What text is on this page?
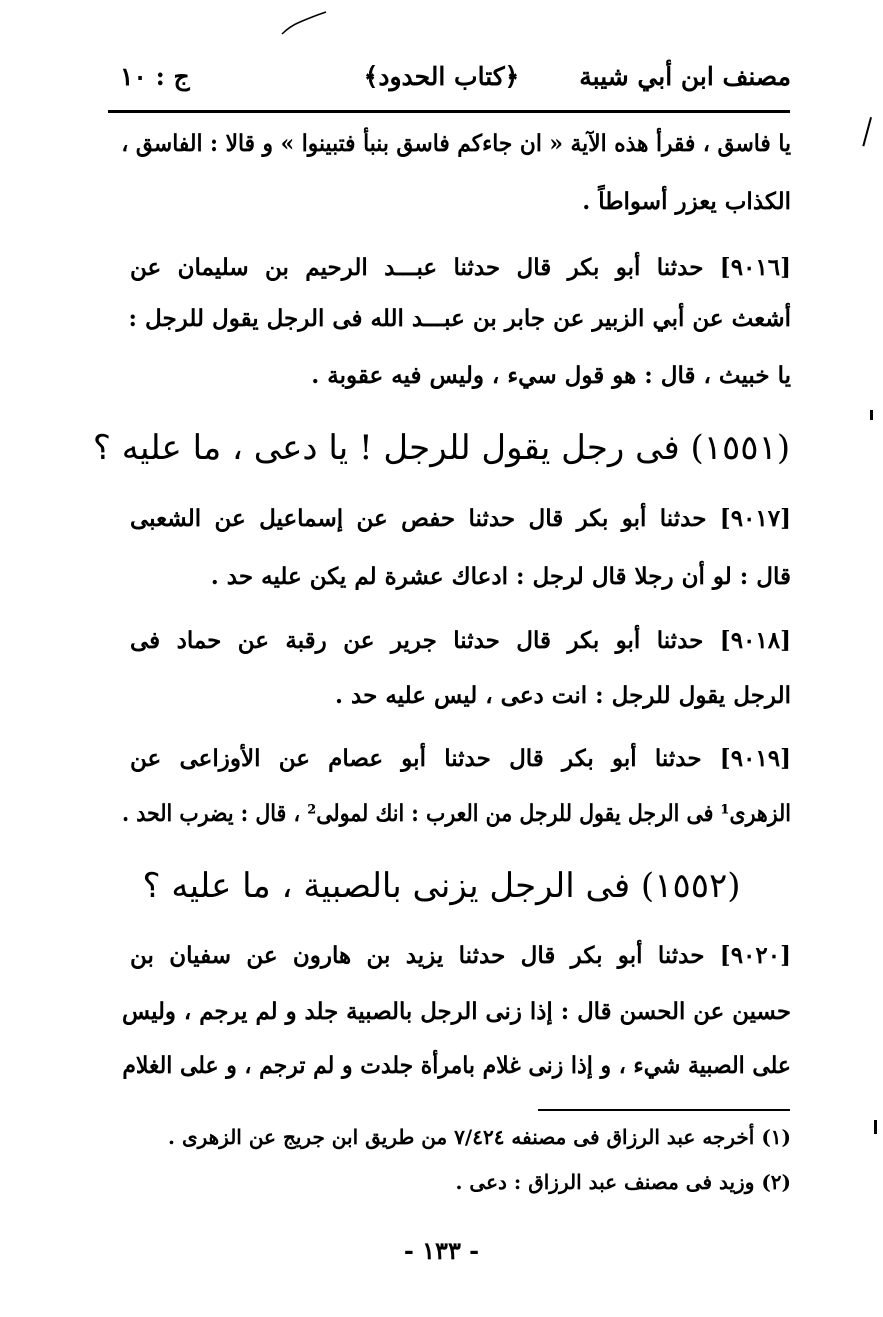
مصنف ابن أبي شيبة
﴿كتاب الحدود﴾
ج : ١٠
يا فاسق ، فقرأ هذه الآية « ان جاءكم فاسق بنبأ فتبينوا » و قالا : الفاسق ،
الكذاب يعزر أسواطاً .
[٩٠١٦] حدثنا أبو بكر قال حدثنا عبـــد الرحيم بن سليمان عن
أشعث عن أبي الزبير عن جابر بن عبـــد الله فى الرجل يقول للرجل :
يا خبيث ، قال : هو قول سيء ، وليس فيه عقوبة .
(١٥٥١) فى رجل يقول للرجل ! يا دعى ، ما عليه ؟
[٩٠١٧] حدثنا أبو بكر قال حدثنا حفص عن إسماعيل عن الشعبى
قال : لو أن رجلا قال لرجل : ادعاك عشرة لم يكن عليه حد .
[٩٠١٨] حدثنا أبو بكر قال حدثنا جرير عن رقبة عن حماد فى
الرجل يقول للرجل : انت دعى ، ليس عليه حد .
[٩٠١٩] حدثنا أبو بكر قال حدثنا أبو عصام عن الأوزاعى عن
الزهرى¹ فى الرجل يقول للرجل من العرب : انك لمولى² ، قال : يضرب الحد .
(١٥٥٢) فى الرجل يزنى بالصبية ، ما عليه ؟
[٩٠٢٠] حدثنا أبو بكر قال حدثنا يزيد بن هارون عن سفيان بن
حسين عن الحسن قال : إذا زنى الرجل بالصبية جلد و لم يرجم ، وليس
على الصبية شيء ، و إذا زنى غلام بامرأة جلدت و لم ترجم ، و على الغلام
(١) أخرجه عبد الرزاق فى مصنفه ٧/٤٢٤ من طريق ابن جريج عن الزهرى .
(٢) وزيد فى مصنف عبد الرزاق : دعى .
- ١٣٣ -
